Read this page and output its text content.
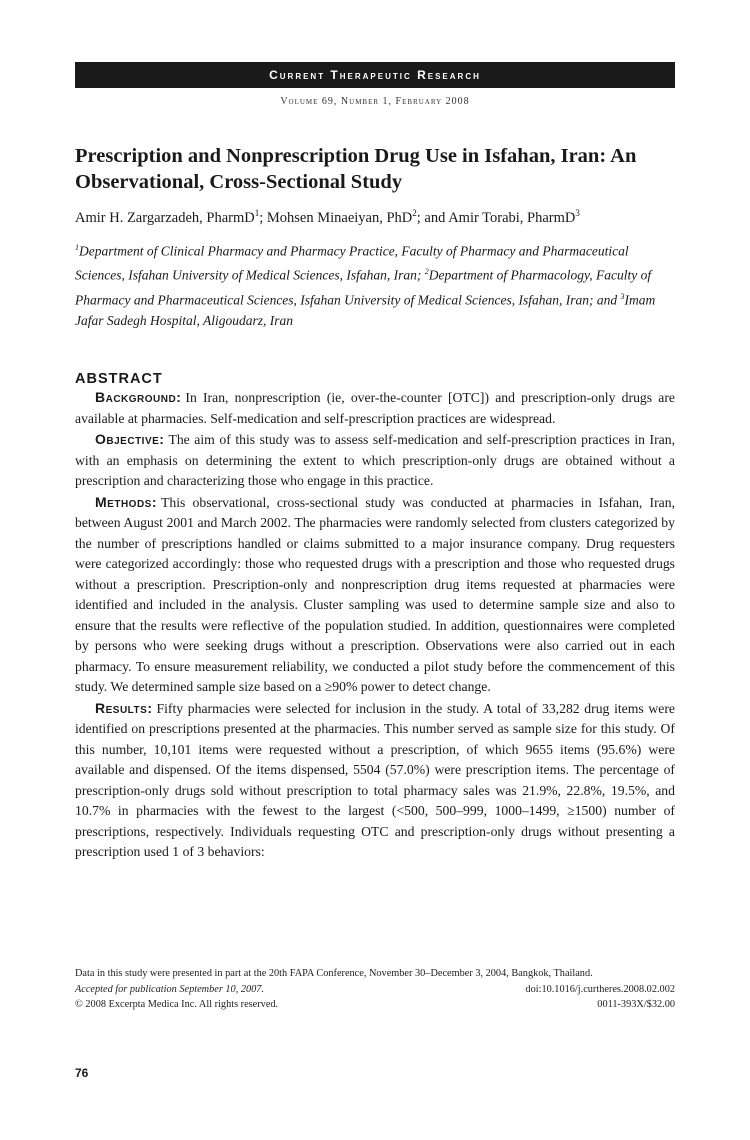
Current Therapeutic Research
Volume 69, Number 1, February 2008
Prescription and Nonprescription Drug Use in Isfahan, Iran: An Observational, Cross-Sectional Study
Amir H. Zargarzadeh, PharmD$^1$; Mohsen Minaeiyan, PhD$^2$; and Amir Torabi, PharmD$^3$
$^1$Department of Clinical Pharmacy and Pharmacy Practice, Faculty of Pharmacy and Pharmaceutical Sciences, Isfahan University of Medical Sciences, Isfahan, Iran; $^2$Department of Pharmacology, Faculty of Pharmacy and Pharmaceutical Sciences, Isfahan University of Medical Sciences, Isfahan, Iran; and $^3$Imam Jafar Sadegh Hospital, Aligoudarz, Iran
ABSTRACT

Background: In Iran, nonprescription (ie, over-the-counter [OTC]) and prescription-only drugs are available at pharmacies. Self-medication and self-prescription practices are widespread.

Objective: The aim of this study was to assess self-medication and self-prescription practices in Iran, with an emphasis on determining the extent to which prescription-only drugs are obtained without a prescription and characterizing those who engage in this practice.

Methods: This observational, cross-sectional study was conducted at pharmacies in Isfahan, Iran, between August 2001 and March 2002. The pharmacies were randomly selected from clusters categorized by the number of prescriptions handled or claims submitted to a major insurance company. Drug requesters were categorized accordingly: those who requested drugs with a prescription and those who requested drugs without a prescription. Prescription-only and nonprescription drug items requested at pharmacies were identified and included in the analysis. Cluster sampling was used to determine sample size and also to ensure that the results were reflective of the population studied. In addition, questionnaires were completed by persons who were seeking drugs without a prescription. Observations were also carried out in each pharmacy. To ensure measurement reliability, we conducted a pilot study before the commencement of this study. We determined sample size based on a ≥90% power to detect change.

Results: Fifty pharmacies were selected for inclusion in the study. A total of 33,282 drug items were identified on prescriptions presented at the pharmacies. This number served as sample size for this study. Of this number, 10,101 items were requested without a prescription, of which 9655 items (95.6%) were available and dispensed. Of the items dispensed, 5504 (57.0%) were prescription items. The percentage of prescription-only drugs sold without prescription to total pharmacy sales was 21.9%, 22.8%, 19.5%, and 10.7% in pharmacies with the fewest to the largest (<500, 500–999, 1000–1499, ≥1500) number of prescriptions, respectively. Individuals requesting OTC and prescription-only drugs without presenting a prescription used 1 of 3 behaviors:

Data in this study were presented in part at the 20th FAPA Conference, November 30–December 3, 2004, Bangkok, Thailand.
Accepted for publication September 10, 2007.	doi:10.1016/j.curtheres.2008.02.002
© 2008 Excerpta Medica Inc. All rights reserved.	0011-393X/$32.00
76
